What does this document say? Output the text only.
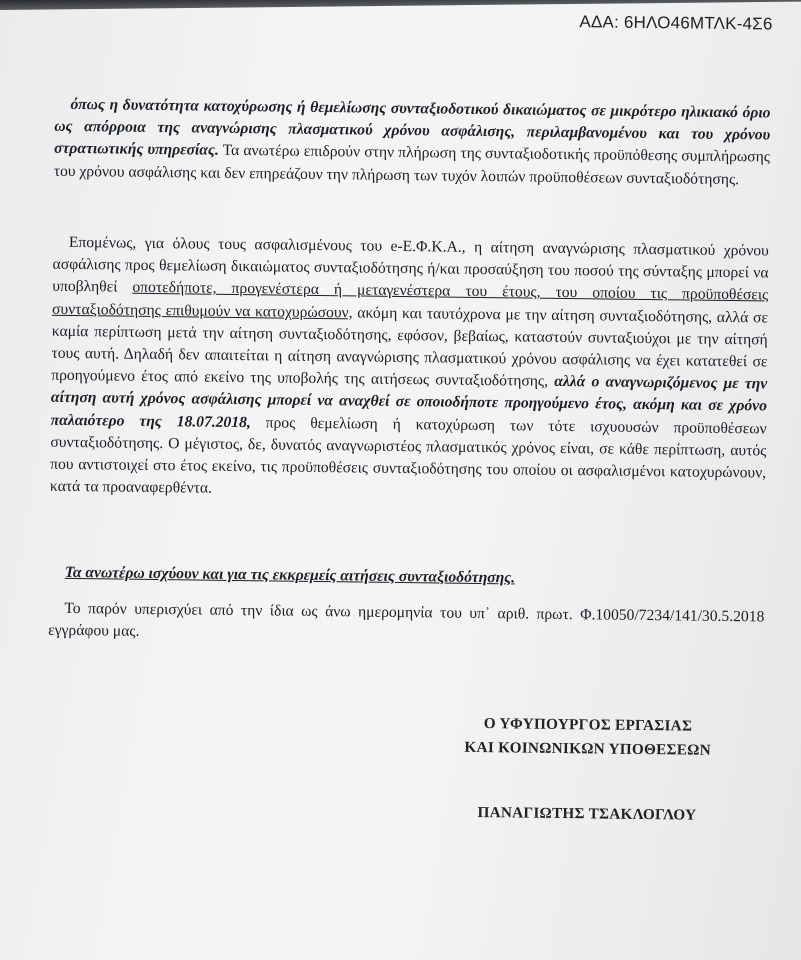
ΑΔΑ: 6ΗΛΟ46ΜΤΛΚ-4Σ6
όπως η δυνατότητα κατοχύρωσης ή θεμελίωσης συνταξιοδοτικού δικαιώματος σε μικρότερο ηλικιακό όριο ως απόρροια της αναγνώρισης πλασματικού χρόνου ασφάλισης, περιλαμβανομένου και του χρόνου στρατιωτικής υπηρεσίας. Τα ανωτέρω επιδρούν στην πλήρωση της συνταξιοδοτικής προϋπόθεσης συμπλήρωσης του χρόνου ασφάλισης και δεν επηρεάζουν την πλήρωση των τυχόν λοιπών προϋποθέσεων συνταξιοδότησης.
Επομένως, για όλους τους ασφαλισμένους του e-Ε.Φ.Κ.Α., η αίτηση αναγνώρισης πλασματικού χρόνου ασφάλισης προς θεμελίωση δικαιώματος συνταξιοδότησης ή/και προσαύξηση του ποσού της σύνταξης μπορεί να υποβληθεί οποτεδήποτε, προγενέστερα ή μεταγενέστερα του έτους, του οποίου τις προϋποθέσεις συνταξιοδότησης επιθυμούν να κατοχυρώσουν, ακόμη και ταυτόχρονα με την αίτηση συνταξιοδότησης, αλλά σε καμία περίπτωση μετά την αίτηση συνταξιοδότησης, εφόσον, βεβαίως, καταστούν συνταξιούχοι με την αίτησή τους αυτή. Δηλαδή δεν απαιτείται η αίτηση αναγνώρισης πλασματικού χρόνου ασφάλισης να έχει κατατεθεί σε προηγούμενο έτος από εκείνο της υποβολής της αιτήσεως συνταξιοδότησης, αλλά ο αναγνωριζόμενος με την αίτηση αυτή χρόνος ασφάλισης μπορεί να αναχθεί σε οποιοδήποτε προηγούμενο έτος, ακόμη και σε χρόνο παλαιότερο της 18.07.2018, προς θεμελίωση ή κατοχύρωση των τότε ισχυουσών προϋποθέσεων συνταξιοδότησης. Ο μέγιστος, δε, δυνατός αναγνωριστέος πλασματικός χρόνος είναι, σε κάθε περίπτωση, αυτός που αντιστοιχεί στο έτος εκείνο, τις προϋποθέσεις συνταξιοδότησης του οποίου οι ασφαλισμένοι κατοχυρώνουν, κατά τα προαναφερθέντα.
Τα ανωτέρω ισχύουν και για τις εκκρεμείς αιτήσεις συνταξιοδότησης.
Το παρόν υπερισχύει από την ίδια ως άνω ημερομηνία του υπ᾽ αριθ. πρωτ. Φ.10050/7234/141/30.5.2018 εγγράφου μας.
Ο ΥΦΥΠΟΥΡΓΟΣ ΕΡΓΑΣΙΑΣ
ΚΑΙ ΚΟΙΝΩΝΙΚΩΝ ΥΠΟΘΕΣΕΩΝ
ΠΑΝΑΓΙΩΤΗΣ ΤΣΑΚΛΟΓΛΟΥ
